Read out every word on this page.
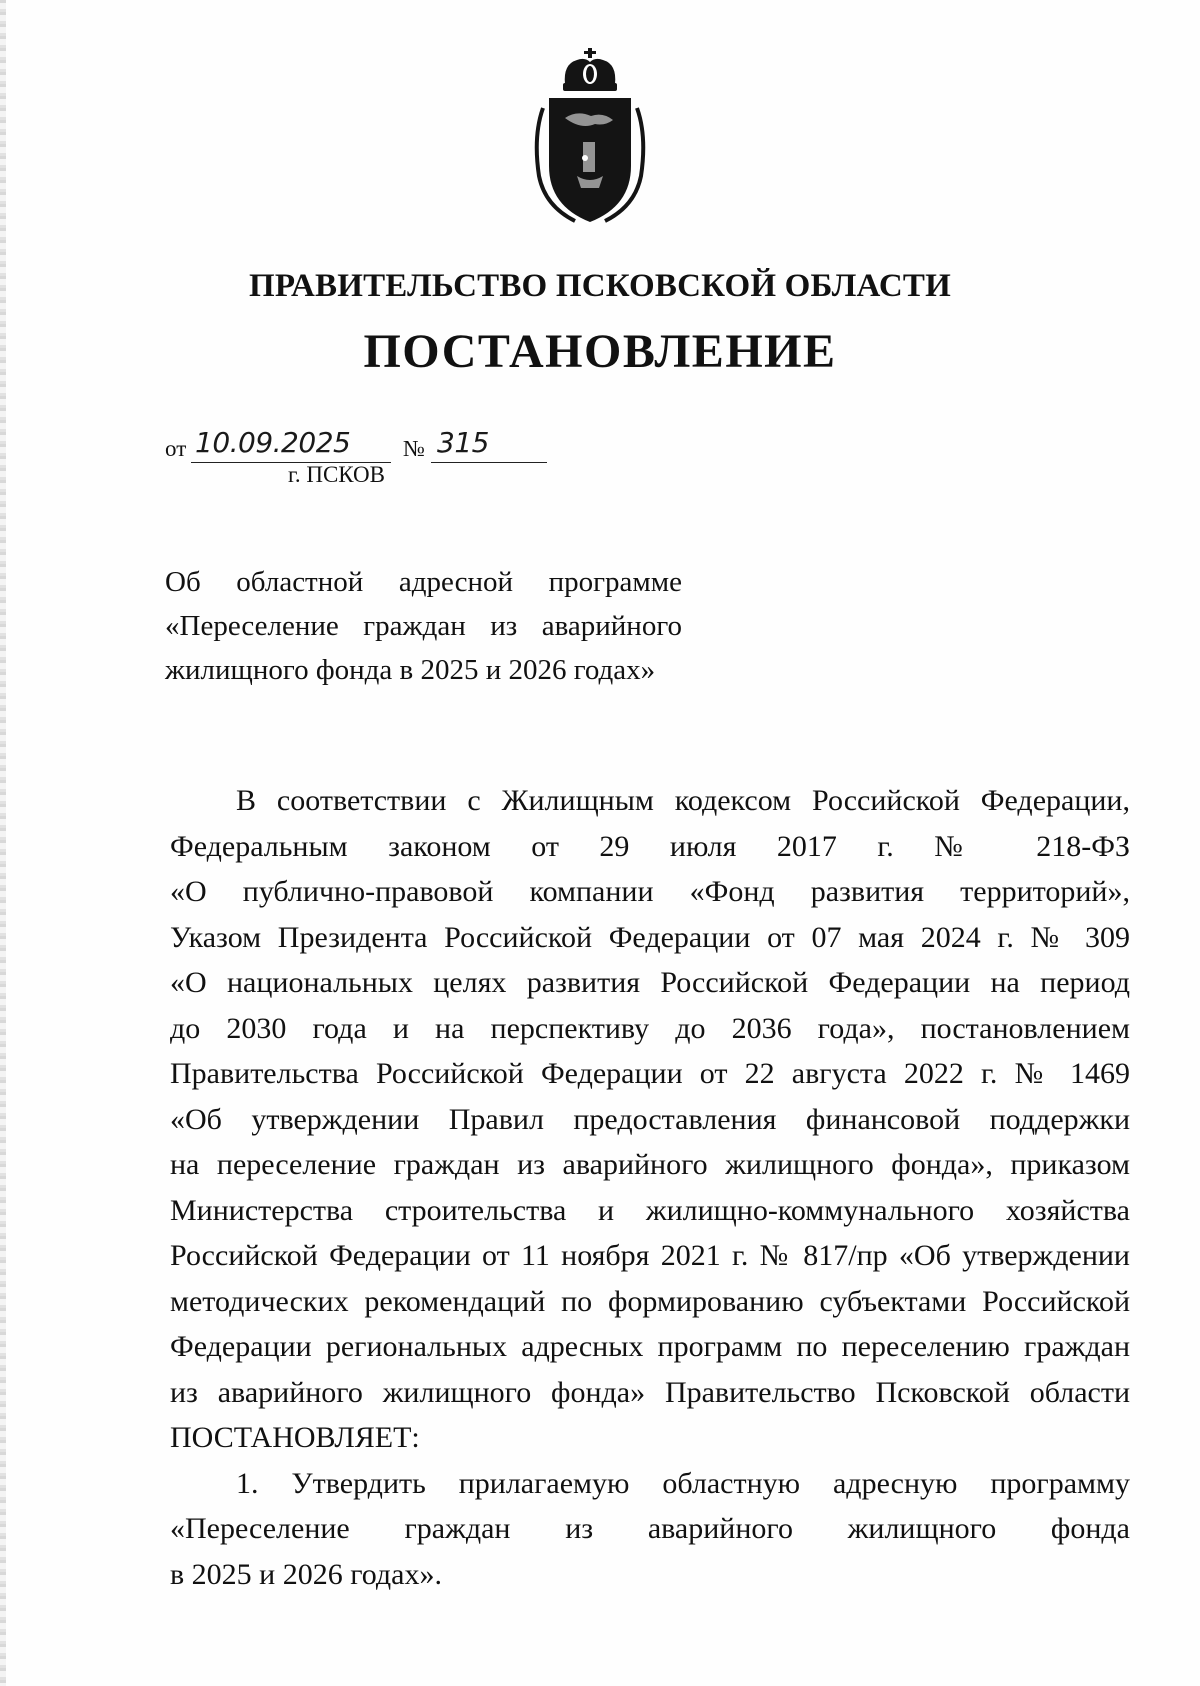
ПРАВИТЕЛЬСТВО ПСКОВСКОЙ ОБЛАСТИ
ПОСТАНОВЛЕНИЕ
от 10.09.2025 № 315
г. ПСКОВ
Об областной адресной программе
«Переселение граждан из аварийного
жилищного фонда в 2025 и 2026 годах»
В соответствии с Жилищным кодексом Российской Федерации,
Федеральным законом от 29 июля 2017 г. № 218-ФЗ
«О публично-правовой компании «Фонд развития территорий»,
Указом Президента Российской Федерации от 07 мая 2024 г. № 309
«О национальных целях развития Российской Федерации на период
до 2030 года и на перспективу до 2036 года», постановлением
Правительства Российской Федерации от 22 августа 2022 г. № 1469
«Об утверждении Правил предоставления финансовой поддержки
на переселение граждан из аварийного жилищного фонда», приказом
Министерства строительства и жилищно-коммунального хозяйства
Российской Федерации от 11 ноября 2021 г. № 817/пр «Об утверждении
методических рекомендаций по формированию субъектами Российской
Федерации региональных адресных программ по переселению граждан
из аварийного жилищного фонда» Правительство Псковской области
ПОСТАНОВЛЯЕТ:
1. Утвердить прилагаемую областную адресную программу
«Переселение граждан из аварийного жилищного фонда
в 2025 и 2026 годах».
